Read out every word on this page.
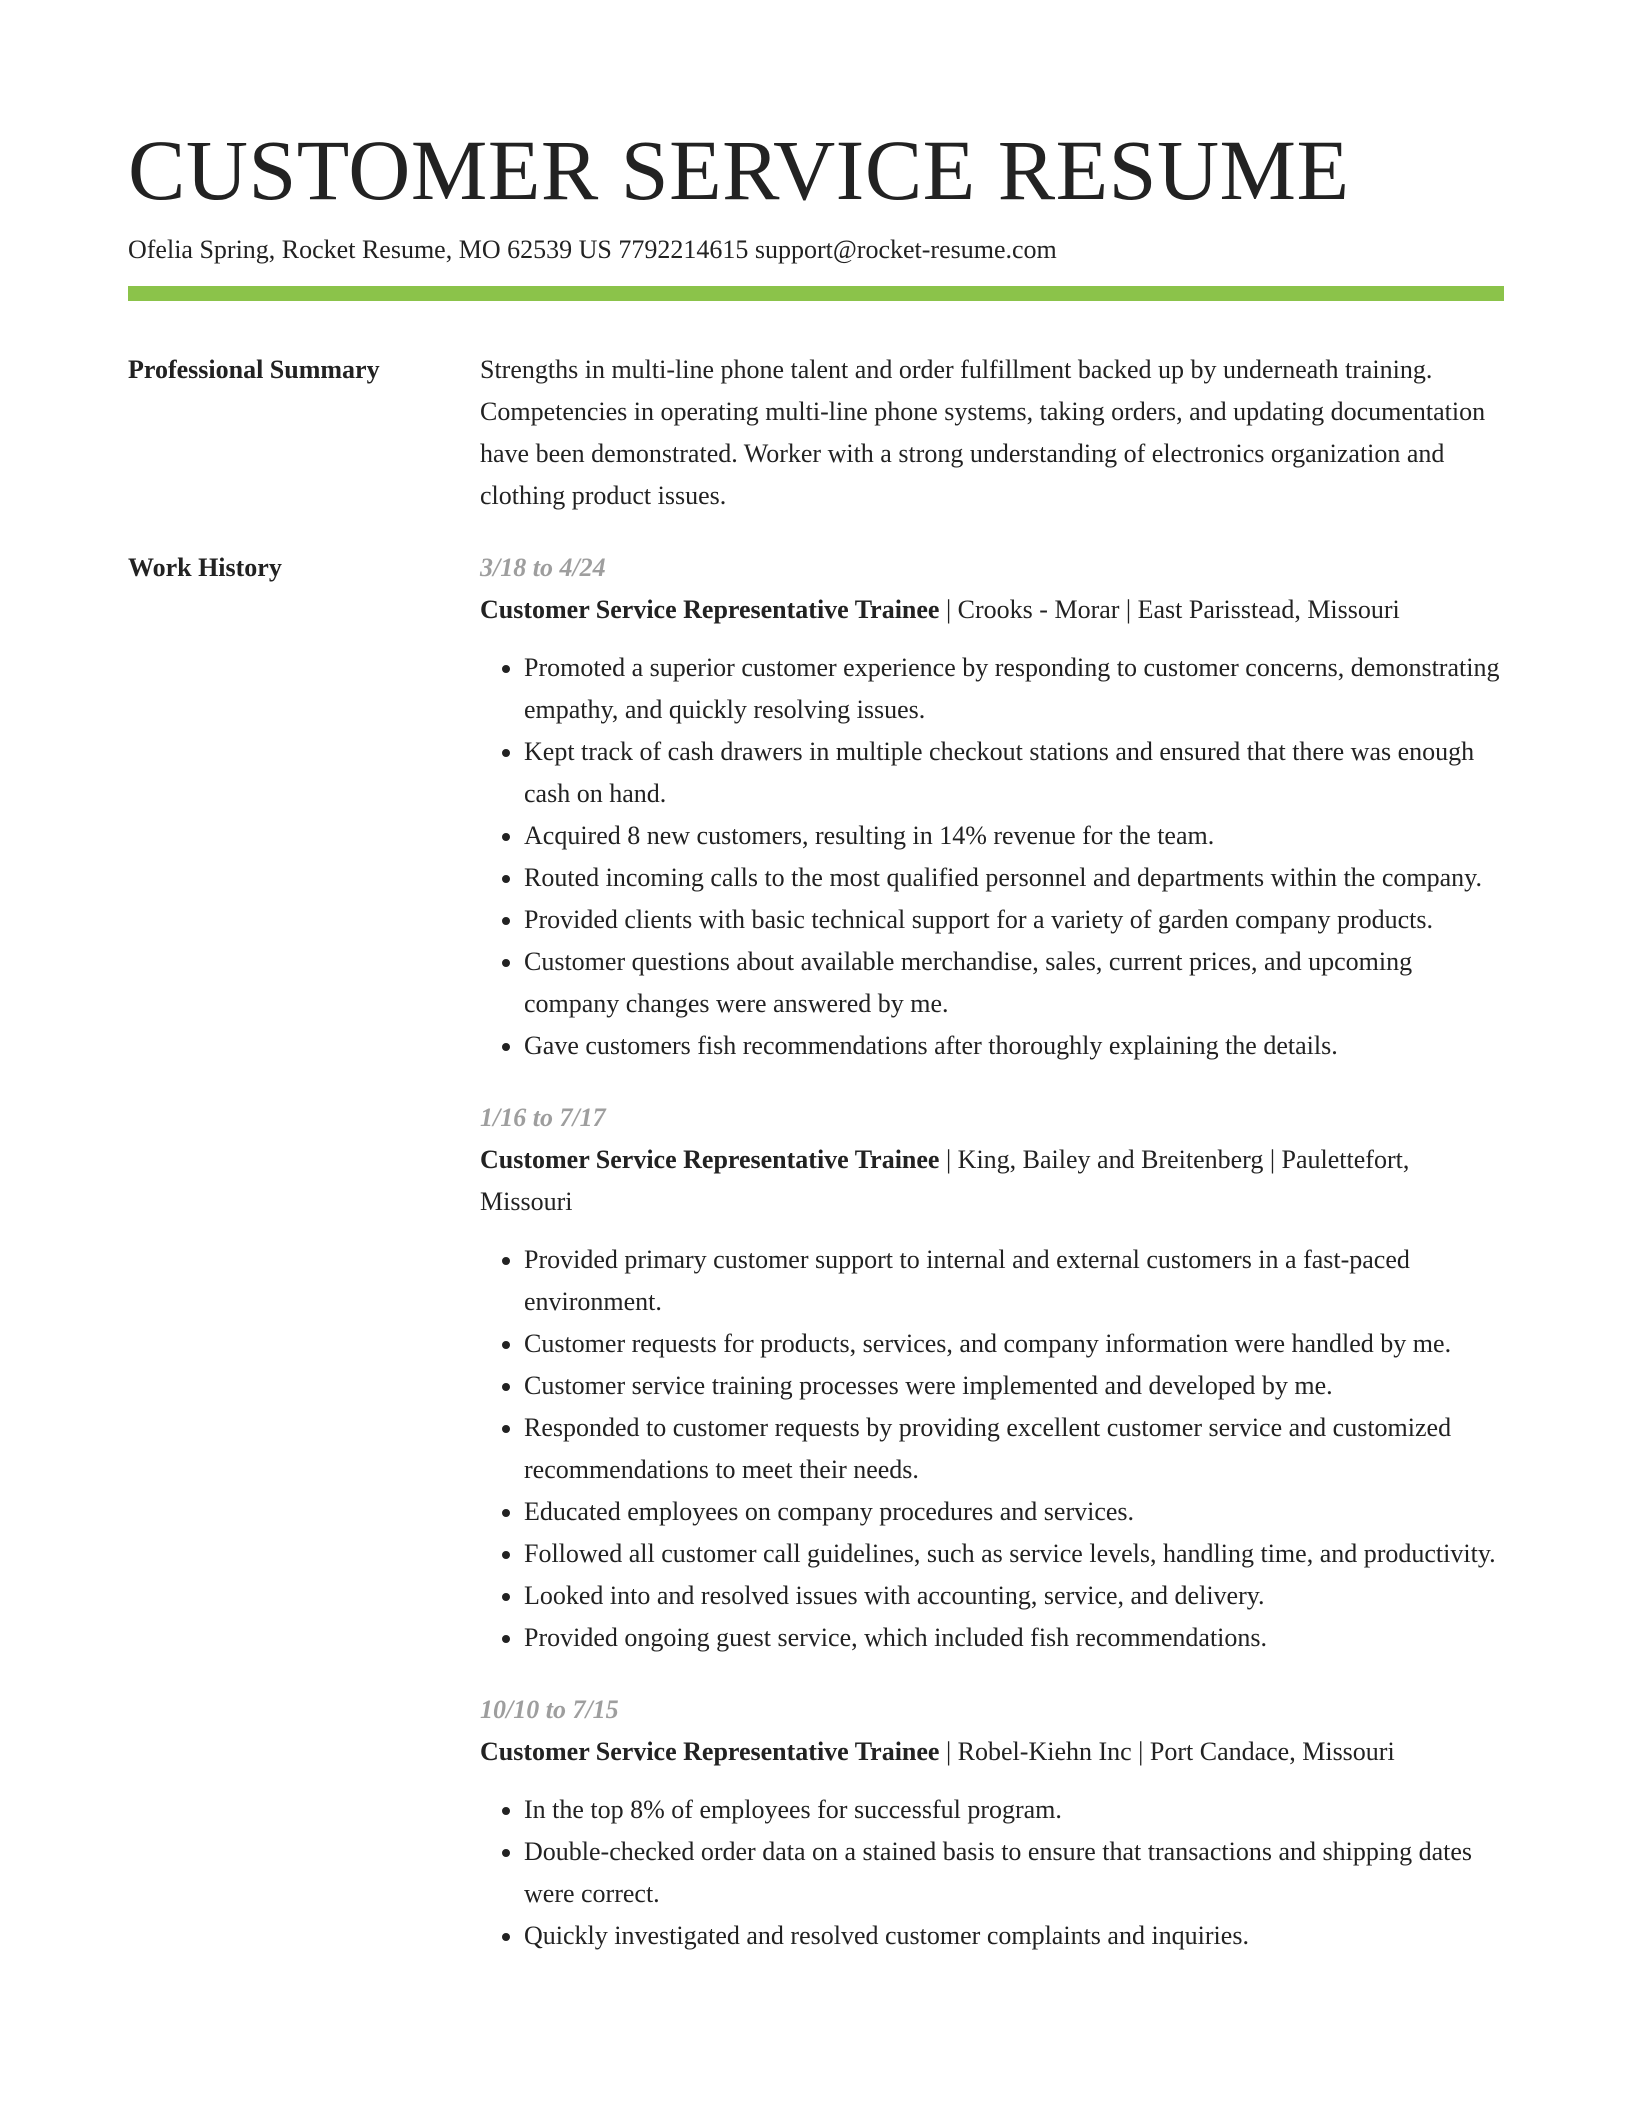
CUSTOMER SERVICE RESUME
Ofelia Spring, Rocket Resume, MO 62539 US 7792214615 support@rocket-resume.com
Professional Summary	Strengths in multi-line phone talent and order fulfillment backed up by underneath training. Competencies in operating multi-line phone systems, taking orders, and updating documentation have been demonstrated. Worker with a strong understanding of electronics organization and clothing product issues.

Work History	3/18 to 4/24

Customer Service Representative Trainee | Crooks - Morar | East Parisstead, Missouri

• Promoted a superior customer experience by responding to customer concerns, demonstrating empathy, and quickly resolving issues.
• Kept track of cash drawers in multiple checkout stations and ensured that there was enough cash on hand.
• Acquired 8 new customers, resulting in 14% revenue for the team.
• Routed incoming calls to the most qualified personnel and departments within the company.
• Provided clients with basic technical support for a variety of garden company products.
• Customer questions about available merchandise, sales, current prices, and upcoming company changes were answered by me.
• Gave customers fish recommendations after thoroughly explaining the details.
1/16 to 7/17

Customer Service Representative Trainee | King, Bailey and Breitenberg | Paulettefort, Missouri

• Provided primary customer support to internal and external customers in a fast-paced environment.
• Customer requests for products, services, and company information were handled by me.
• Customer service training processes were implemented and developed by me.
• Responded to customer requests by providing excellent customer service and customized recommendations to meet their needs.
• Educated employees on company procedures and services.
• Followed all customer call guidelines, such as service levels, handling time, and productivity.
• Looked into and resolved issues with accounting, service, and delivery.
• Provided ongoing guest service, which included fish recommendations.
10/10 to 7/15

Customer Service Representative Trainee | Robel-Kiehn Inc | Port Candace, Missouri

• In the top 8% of employees for successful program.
• Double-checked order data on a stained basis to ensure that transactions and shipping dates were correct.
• Quickly investigated and resolved customer complaints and inquiries.
